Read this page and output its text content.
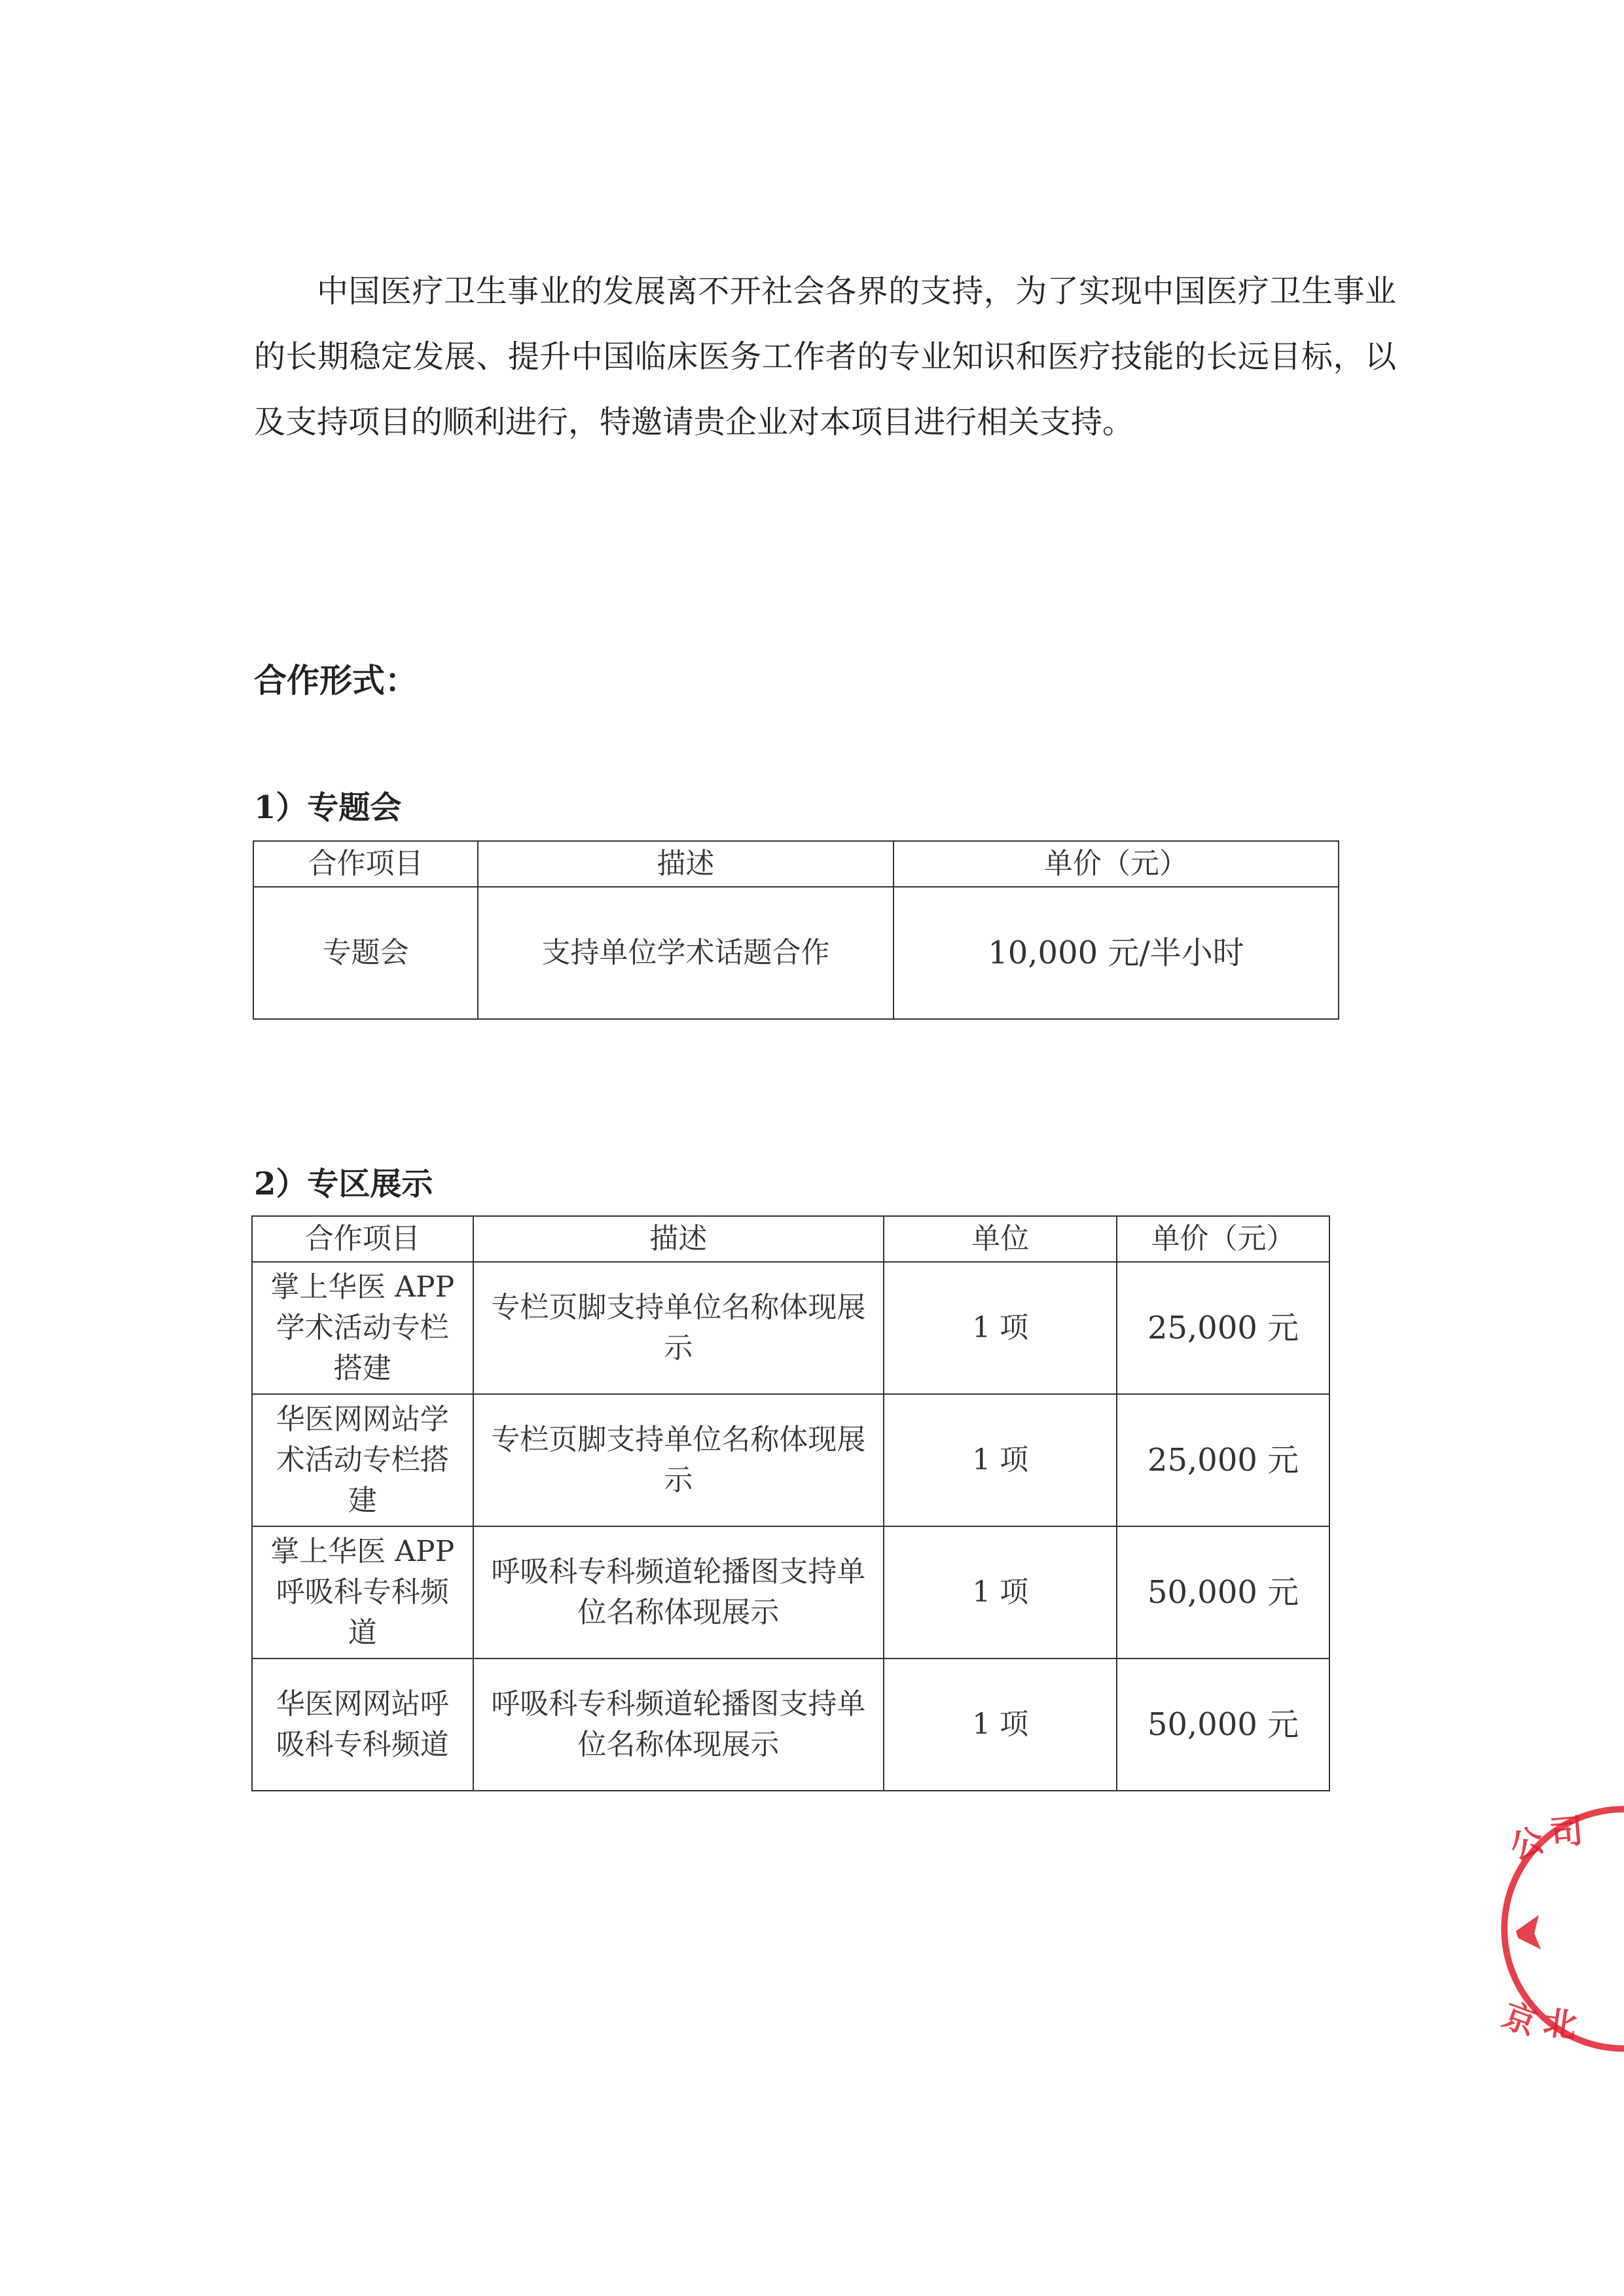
中国医疗卫生事业的发展离不开社会各界的支持，为了实现中国医疗卫生事业的长期稳定发展、提升中国临床医务工作者的专业知识和医疗技能的长远目标，以及支持项目的顺利进行，特邀请贵企业对本项目进行相关支持。

合作形式：
1）专题会
合作项目	描述	单价（元）
专题会	支持单位学术话题合作	10,000 元/半小时
2）专区展示
合作项目	描述	单位	单价（元）
掌上华医 APP 学术活动专栏搭建	专栏页脚支持单位名称体现展示	1 项	25,000 元
华医网网站学术活动专栏搭建	专栏页脚支持单位名称体现展示	1 项	25,000 元
掌上华医 APP 呼吸科专科频道	呼吸科专科频道轮播图支持单位名称体现展示	1 项	50,000 元
华医网网站呼吸科专科频道	呼吸科专科频道轮播图支持单位名称体现展示	1 项	50,000 元
公
司
京
北
